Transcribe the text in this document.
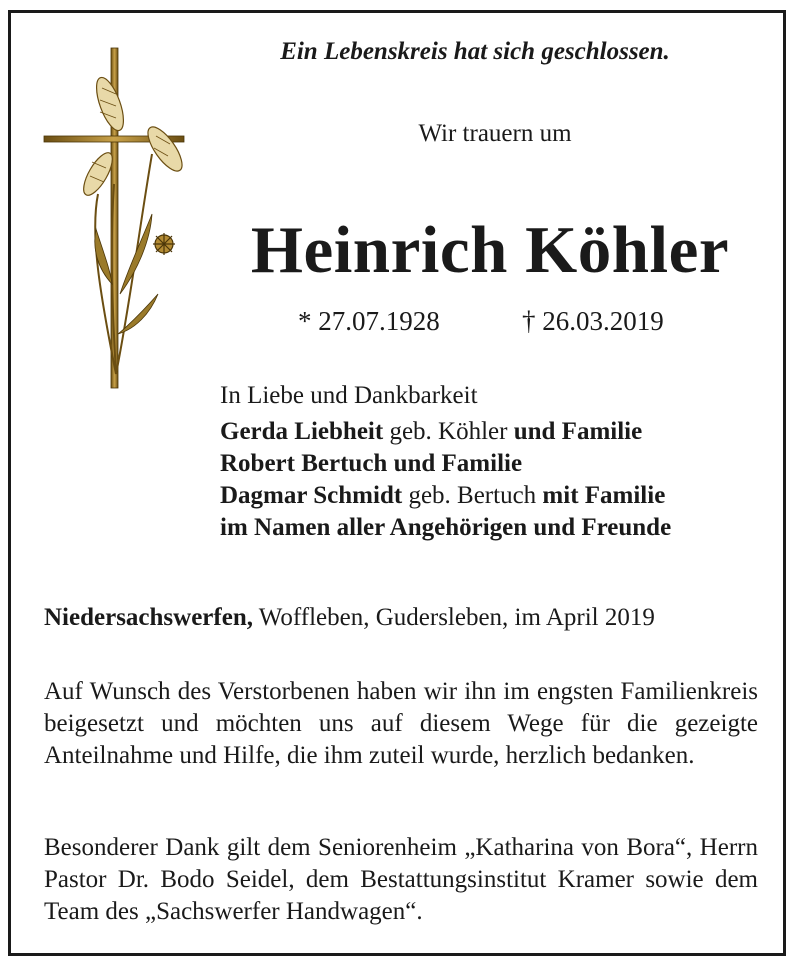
Ein Lebenskreis hat sich geschlossen.
Wir trauern um
Heinrich Köhler
* 27.07.1928	† 26.03.2019
In Liebe und Dankbarkeit
Gerda Liebheit geb. Köhler und Familie
Robert Bertuch und Familie
Dagmar Schmidt geb. Bertuch mit Familie
im Namen aller Angehörigen und Freunde
Niedersachswerfen, Woffleben, Gudersleben, im April 2019
Auf Wunsch des Verstorbenen haben wir ihn im engsten Familienkreis beigesetzt und möchten uns auf diesem Wege für die gezeigte Anteilnahme und Hilfe, die ihm zuteil wurde, herzlich bedanken.
Besonderer Dank gilt dem Seniorenheim „Katharina von Bora“, Herrn Pastor Dr. Bodo Seidel, dem Bestattungsinstitut Kramer sowie dem Team des „Sachswerfer Handwagen“.
